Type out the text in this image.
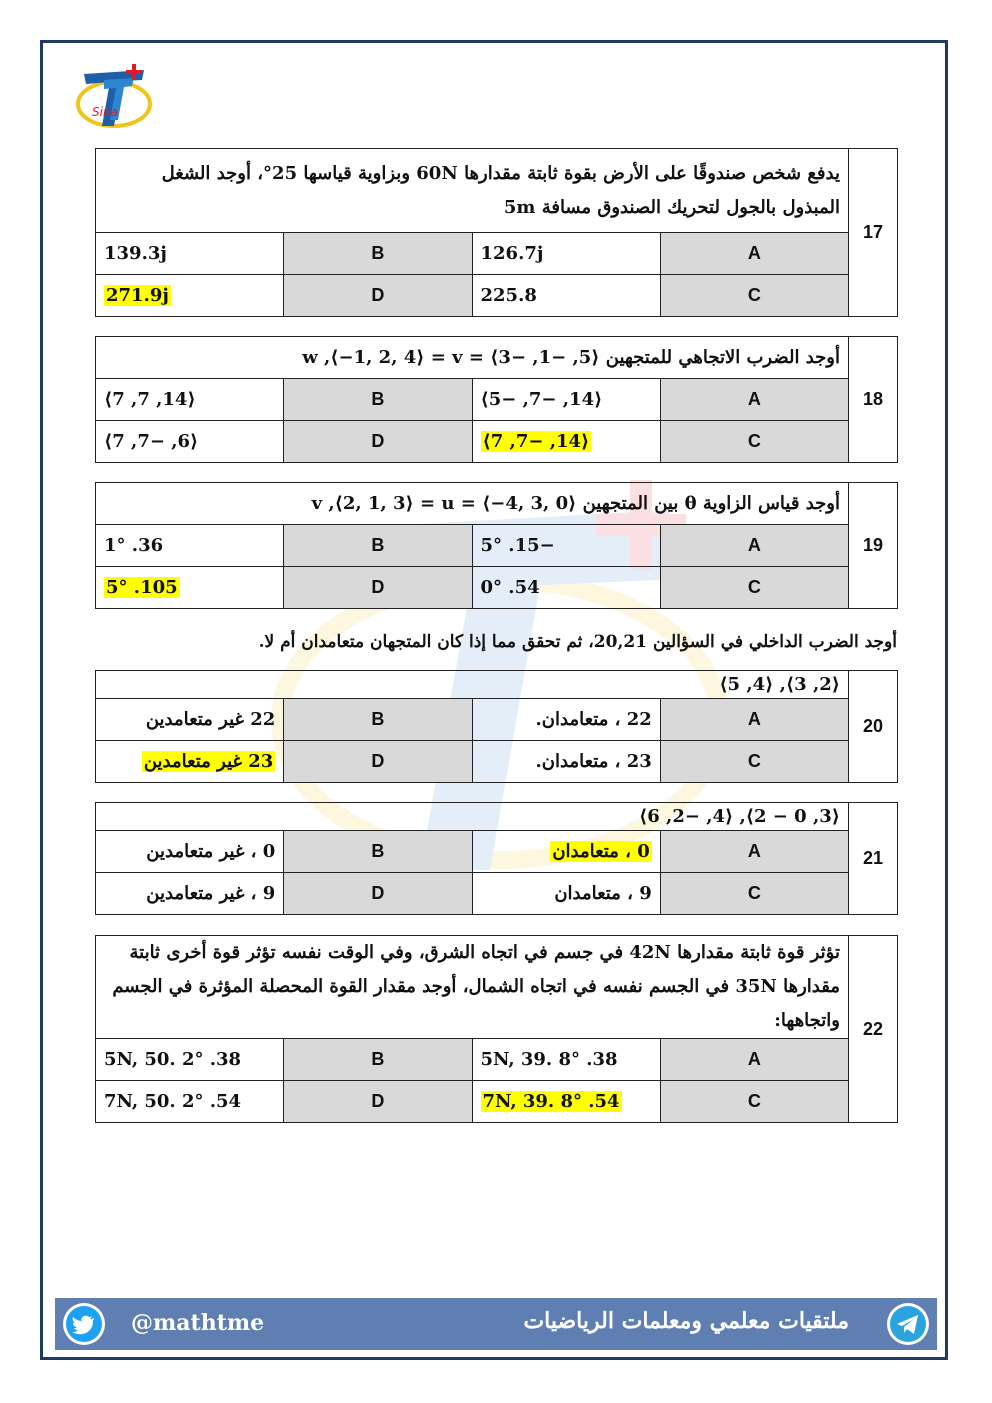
Sina
17	يدفع شخص صندوقًا على الأرض بقوة ثابتة مقدارها 60N وبزاوية قياسها 25°، أوجد الشغل المبذول بالجول لتحريك الصندوق مسافة 5m			
	A	126.7j	B	139.3j
	C	225.8	D	271.9j
18	أوجد الضرب الاتجاهي للمتجهين ⟨5, −1, −3⟩ = w ,⟨−1, 2, 4⟩ = v			
	A	⟨14, −7, −5⟩	B	⟨14, 7, 7⟩
	C	⟨14, −7, 7⟩	D	⟨6, −7, 7⟩
19	أوجد قياس الزاوية θ بين المتجهين ⟨0 ,3 ,4−⟩ = v ,⟨2, 1, 3⟩ = u			
	A	−15. 5°	B	36. 1°
	C	54. 0°	D	105. 5°
أوجد الضرب الداخلي في السؤالين 20,21، ثم تحقق مما إذا كان المتجهان متعامدان أم لا.
20	⟨2, 3⟩, ⟨4, 5⟩			
	A	22 ، متعامدان.	B	22 غير متعامدين
	C	23 ، متعامدان.	D	23 غير متعامدين
21	⟨3, 0 − 2⟩, ⟨4, −2, 6⟩			
	A	0 ، متعامدان	B	0 ، غير متعامدين
	C	9 ، متعامدان	D	9 ، غير متعامدين
22	تؤثر قوة ثابتة مقدارها 42N في جسم في اتجاه الشرق، وفي الوقت نفسه تؤثر قوة أخرى ثابتة مقدارها 35N في الجسم نفسه في اتجاه الشمال، أوجد مقدار القوة المحصلة المؤثرة في الجسم واتجاهها:			
	A	38. 5N, 39. 8°	B	38. 5N, 50. 2°
	C	54. 7N, 39. 8°	D	54. 7N, 50. 2°
@mathtme	ملتقيات معلمي ومعلمات الرياضيات
